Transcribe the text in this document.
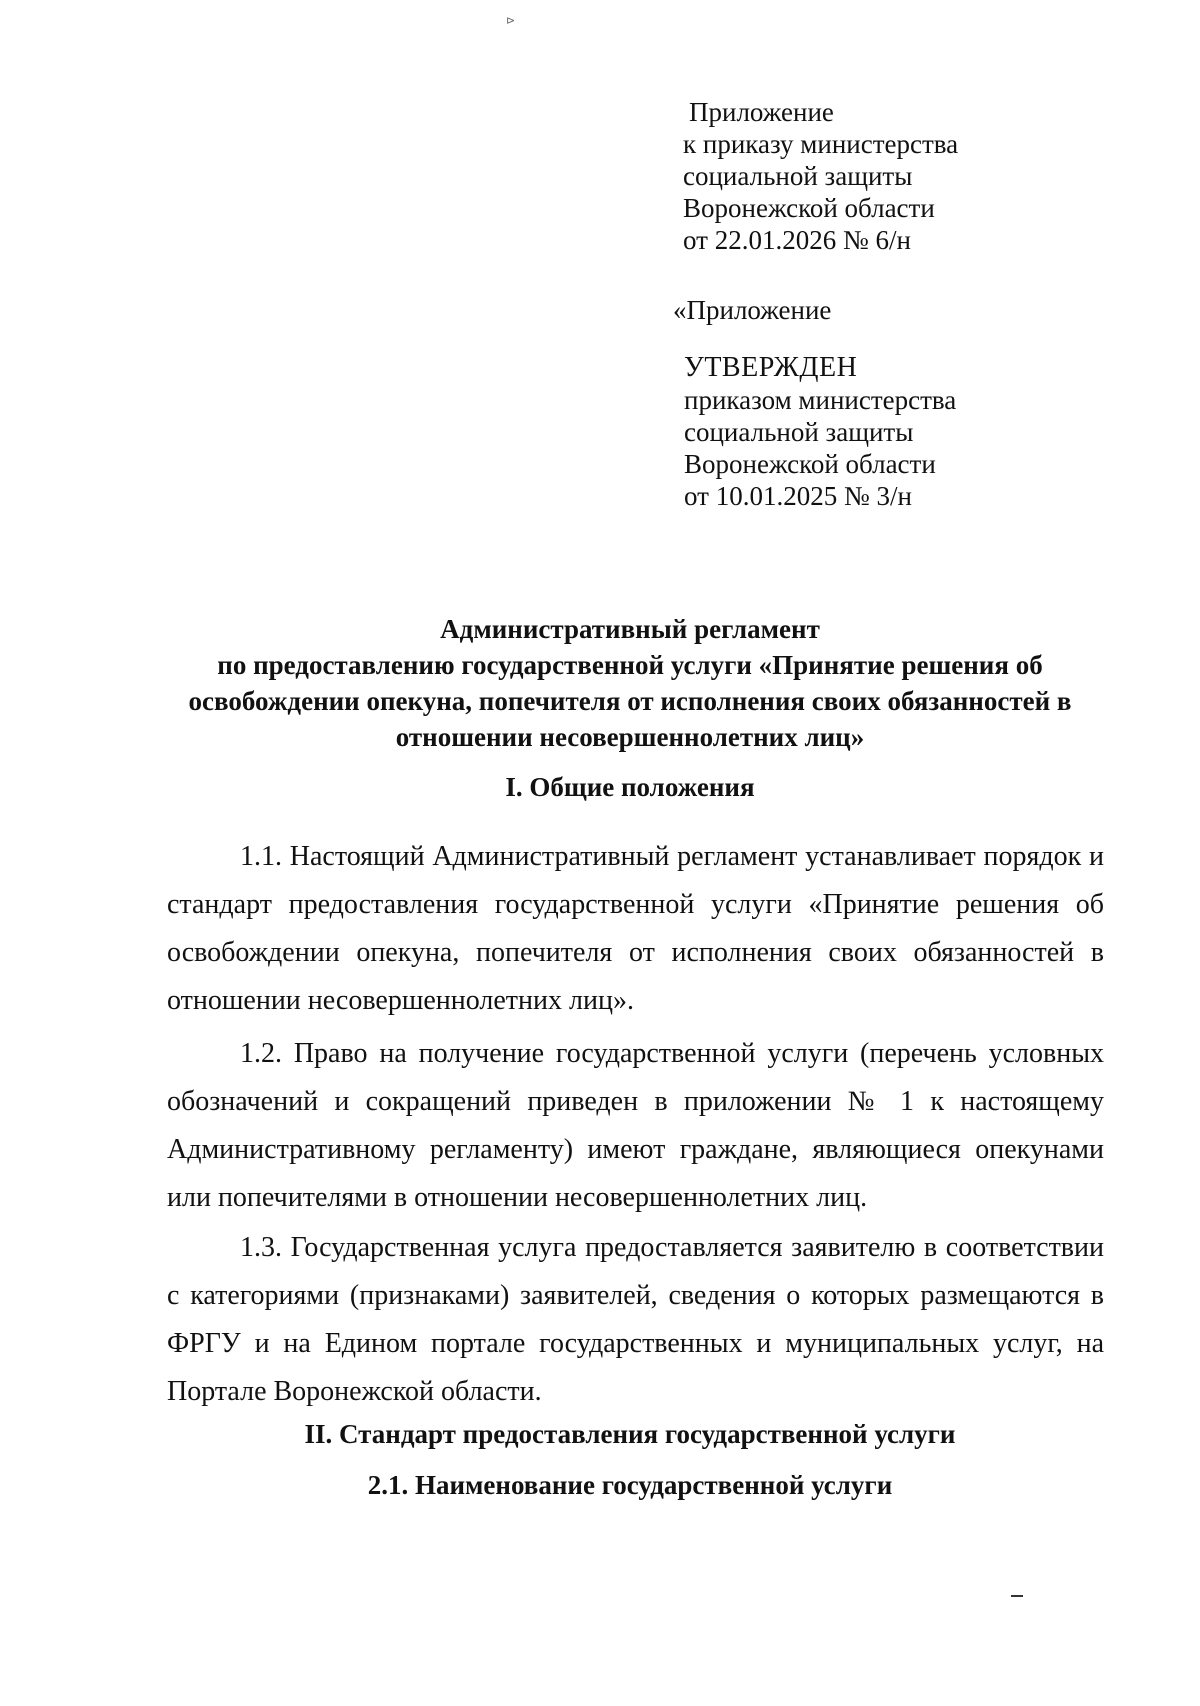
⊳
Приложение
к приказу министерства
социальной защиты
Воронежской области
от 22.01.2026 № 6/н
«Приложение
УТВЕРЖДЕН
приказом министерства
социальной защиты
Воронежской области
от 10.01.2025 № 3/н
Административный регламент
по предоставлению государственной услуги «Принятие решения об
освобождении опекуна, попечителя от исполнения своих обязанностей в
отношении несовершеннолетних лиц»
I. Общие положения
1.1. Настоящий Административный регламент устанавливает порядок и
стандарт предоставления государственной услуги «Принятие решения об
освобождении опекуна, попечителя от исполнения своих обязанностей в
отношении несовершеннолетних лиц».
1.2. Право на получение государственной услуги (перечень условных
обозначений и сокращений приведен в приложении № 1 к настоящему
Административному регламенту) имеют граждане, являющиеся опекунами
или попечителями в отношении несовершеннолетних лиц.
1.3. Государственная услуга предоставляется заявителю в соответствии
с категориями (признаками) заявителей, сведения о которых размещаются в
ФРГУ и на Едином портале государственных и муниципальных услуг, на
Портале Воронежской области.
II. Стандарт предоставления государственной услуги
2.1. Наименование государственной услуги
